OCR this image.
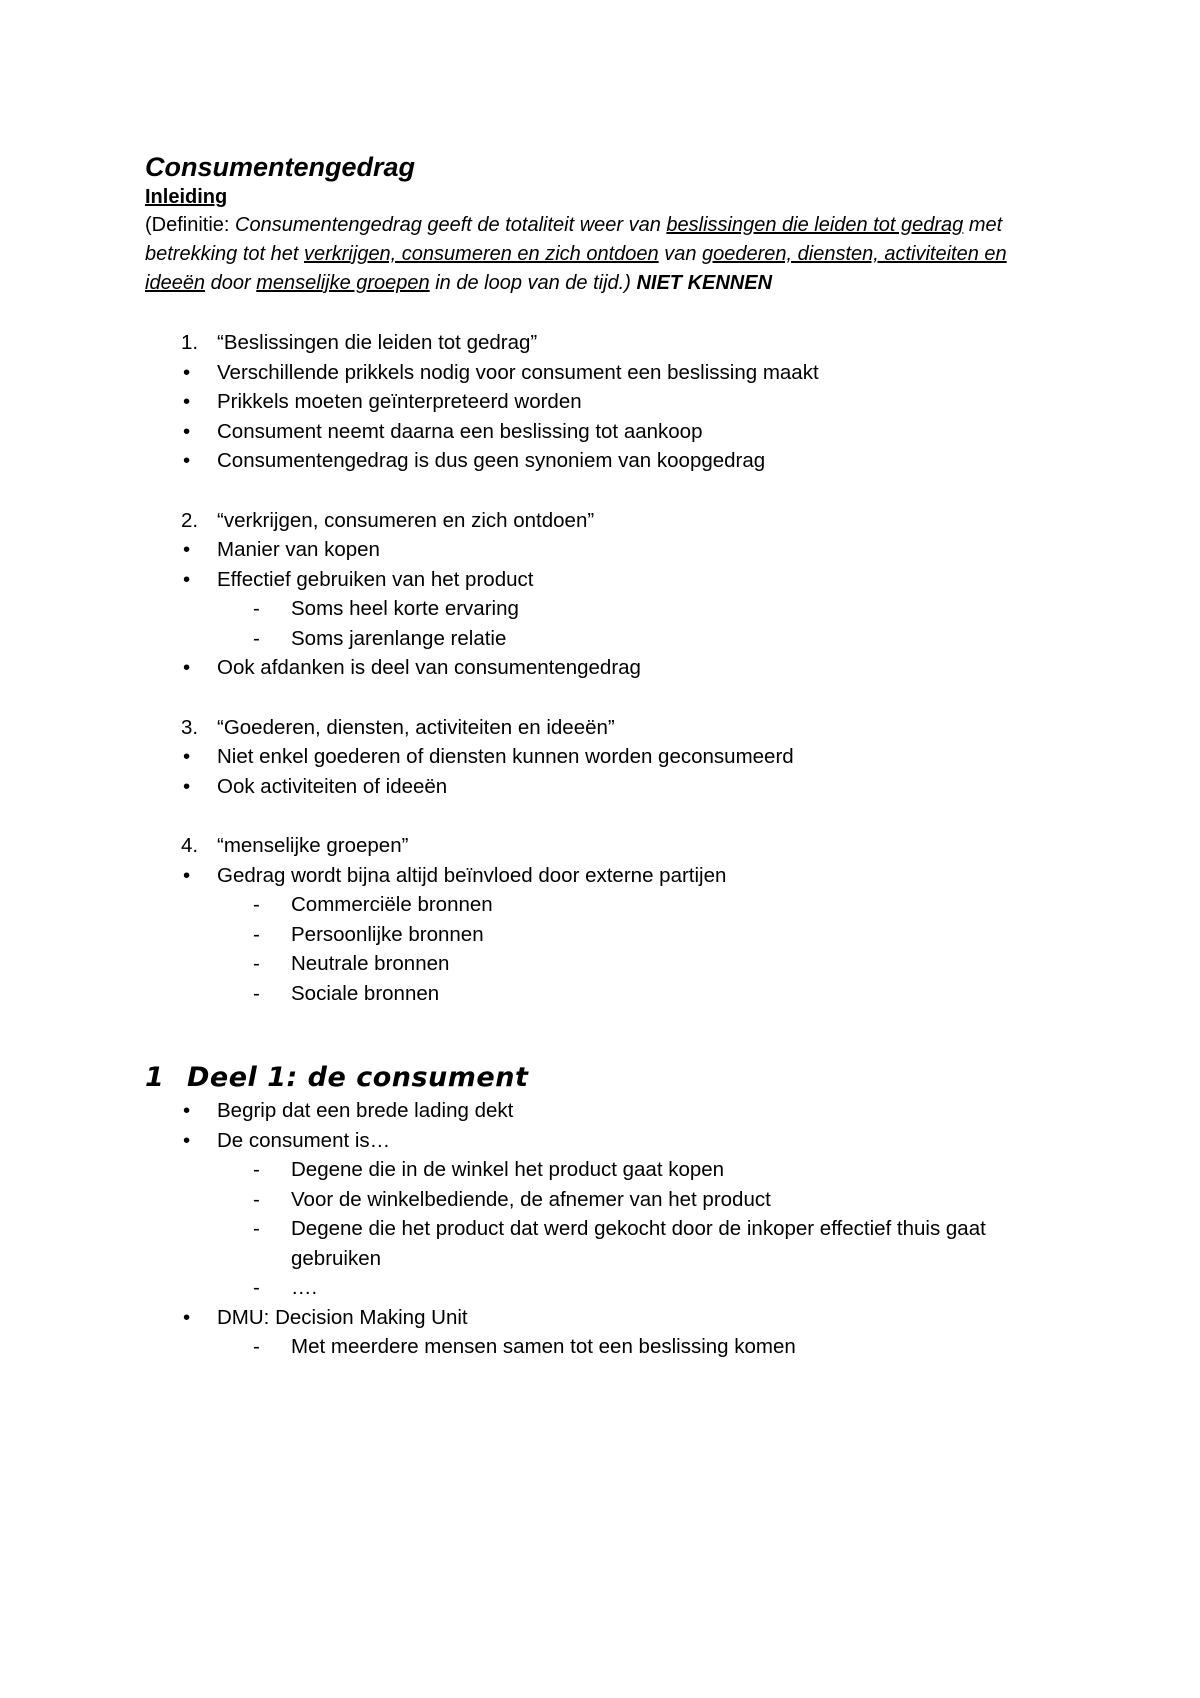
Consumentengedrag
Inleiding

(Definitie: Consumentengedrag geeft de totaliteit weer van beslissingen die leiden tot gedrag met betrekking tot het verkrijgen, consumeren en zich ontdoen van goederen, diensten, activiteiten en ideeën door menselijke groepen in de loop van de tijd.) NIET KENNEN

1. “Beslissingen die leiden tot gedrag”
• Verschillende prikkels nodig voor consument een beslissing maakt
• Prikkels moeten geïnterpreteerd worden
• Consument neemt daarna een beslissing tot aankoop
• Consumentengedrag is dus geen synoniem van koopgedrag

2. “verkrijgen, consumeren en zich ontdoen”
• Manier van kopen
• Effectief gebruiken van het product
- Soms heel korte ervaring
- Soms jarenlange relatie
• Ook afdanken is deel van consumentengedrag

3. “Goederen, diensten, activiteiten en ideeën”
• Niet enkel goederen of diensten kunnen worden geconsumeerd
• Ook activiteiten of ideeën

4. “menselijke groepen”
• Gedrag wordt bijna altijd beïnvloed door externe partijen
- Commerciële bronnen
- Persoonlijke bronnen
- Neutrale bronnen
- Sociale bronnen
1 Deel 1: de consument
• Begrip dat een brede lading dekt
• De consument is…
- Degene die in de winkel het product gaat kopen
- Voor de winkelbediende, de afnemer van het product
- Degene die het product dat werd gekocht door de inkoper effectief thuis gaat gebruiken
- ….
• DMU: Decision Making Unit
- Met meerdere mensen samen tot een beslissing komen
